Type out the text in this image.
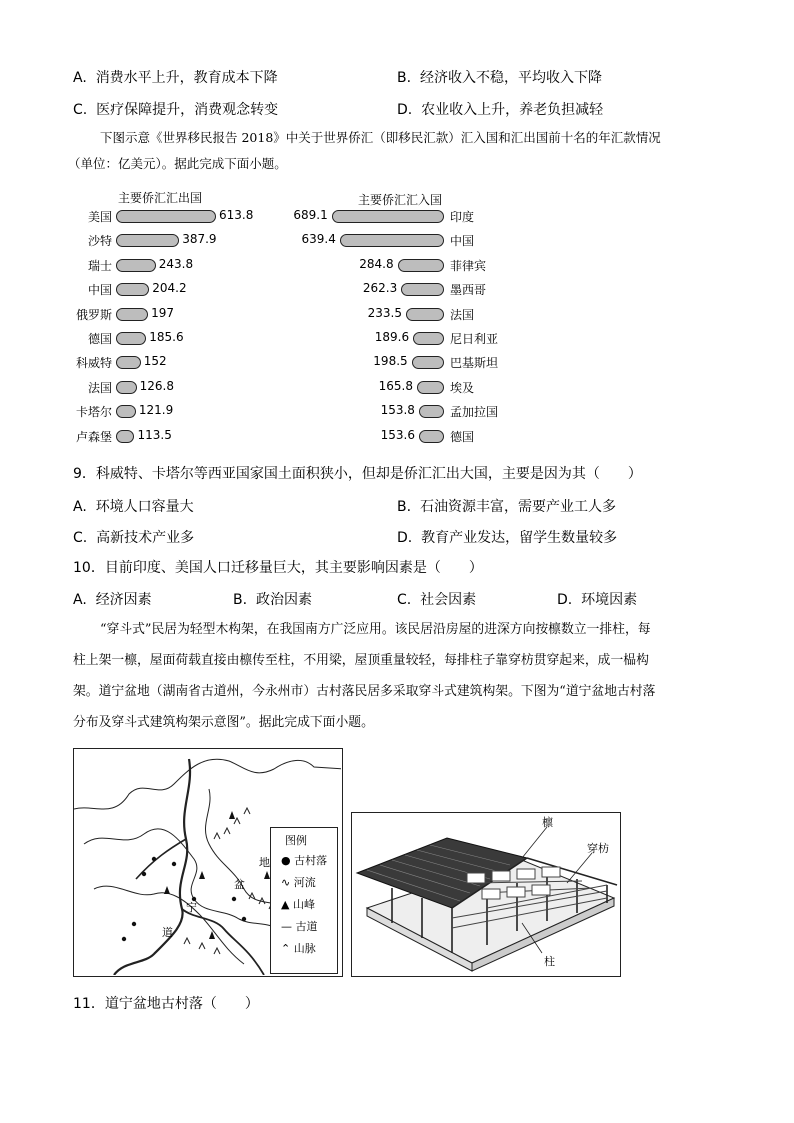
A. 消费水平上升，教育成本下降	B. 经济收入不稳，平均收入下降
C. 医疗保障提升，消费观念转变	D. 农业收入上升，养老负担减轻
下图示意《世界移民报告 2018》中关于世界侨汇（即移民汇款）汇入国和汇出国前十名的年汇款情况
（单位：亿美元）。据此完成下面小题。
主要侨汇汇出国	主要侨汇汇入国
9．科威特、卡塔尔等西亚国家国土面积狭小，但却是侨汇汇出大国，主要是因为其（　　）
A. 环境人口容量大	B. 石油资源丰富，需要产业工人多
C. 高新技术产业多	D. 教育产业发达，留学生数量较多
10．目前印度、美国人口迁移量巨大，其主要影响因素是（　　）
A. 经济因素	B. 政治因素	C. 社会因素	D. 环境因素
“穿斗式”民居为轻型木构架，在我国南方广泛应用。该民居沿房屋的进深方向按檩数立一排柱，每
柱上架一檩，屋面荷载直接由檩传至柱，不用梁，屋顶重量较轻，每排柱子靠穿枋贯穿起来，成一榀构
架。道宁盆地（湖南省古道州，今永州市）古村落民居多采取穿斗式建筑构架。下图为“道宁盆地古村落
分布及穿斗式建筑构架示意图”。据此完成下面小题。
道
宁
盆
地
图例
● 古村落
∿ 河流
▲ 山峰
— 古道
⌃ 山脉
檩
穿枋
柱
11．道宁盆地古村落（　　）
美国	613.8
沙特	387.9
瑞士	243.8
中国	204.2
俄罗斯	197
德国	185.6
科威特	152
法国 126.8
卡塔尔 121.9
卢森堡 113.5
689.1	印度
639.4	中国
284.8	菲律宾
262.3	墨西哥
233.5	法国
189.6	尼日利亚
198.5	巴基斯坦
165.8	埃及
153.8	孟加拉国
153.6	德国
